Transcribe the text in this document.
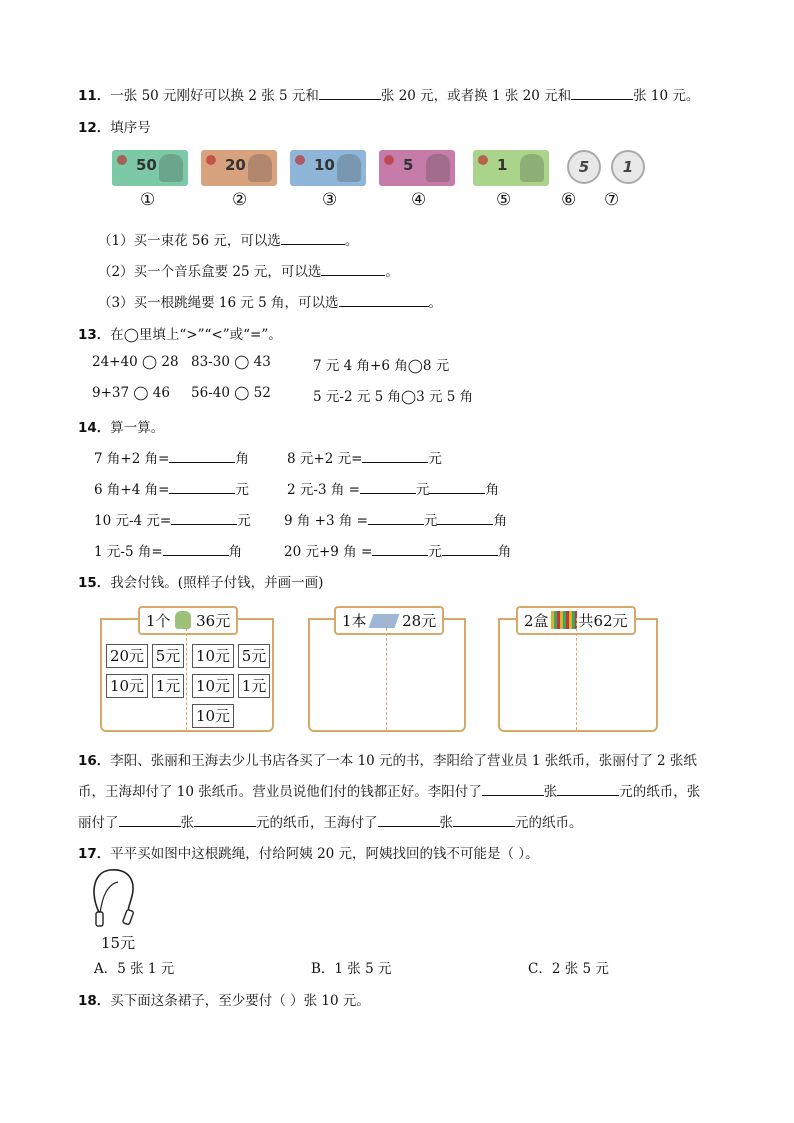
11．一张 50 元刚好可以换 2 张 5 元和	张 20 元，或者换 1 张 20 元和	张 10 元。
12．填序号
50	20	10	5	1	5 1
①	②	③	④	⑤	⑥ ⑦
（1）买一束花 56 元，可以选	。
（2）买一个音乐盒要 25 元，可以选	。
（3）买一根跳绳要 16 元 5 角，可以选	。
13．在◯里填上“>”“<”或“=”。
24+40 ◯ 28 83-30 ◯ 43	7 元 4 角+6 角◯8 元
9+37 ◯ 46 56-40 ◯ 52	5 元-2 元 5 角◯3 元 5 角
14．算一算。
7 角+2 角=	角	8 元+2 元=	元
6 角+4 角=	元	2 元-3 角 =	元	角
10 元-4 元=	元 9 角 +3 角 =	元	角
1 元-5 角=	角	20 元+9 角 =	元	角
15．我会付钱。(照样子付钱，并画一画)
1个 36元
20元 5元 10元 5元
10元 1元 10元 1元
10元
1本 28元	2盒 共62元
16．李阳、张丽和王海去少儿书店各买了一本 10 元的书，李阳给了营业员 1 张纸币，张丽付了 2 张纸
币，王海却付了 10 张纸币。营业员说他们付的钱都正好。李阳付了	张	元的纸币，张
丽付了	张	元的纸币，王海付了	张	元的纸币。
17．平平买如图中这根跳绳，付给阿姨 20 元，阿姨找回的钱不可能是（ ）。
15元
A．5 张 1 元	B．1 张 5 元	C．2 张 5 元
18．买下面这条裙子，至少要付（ ）张 10 元。
